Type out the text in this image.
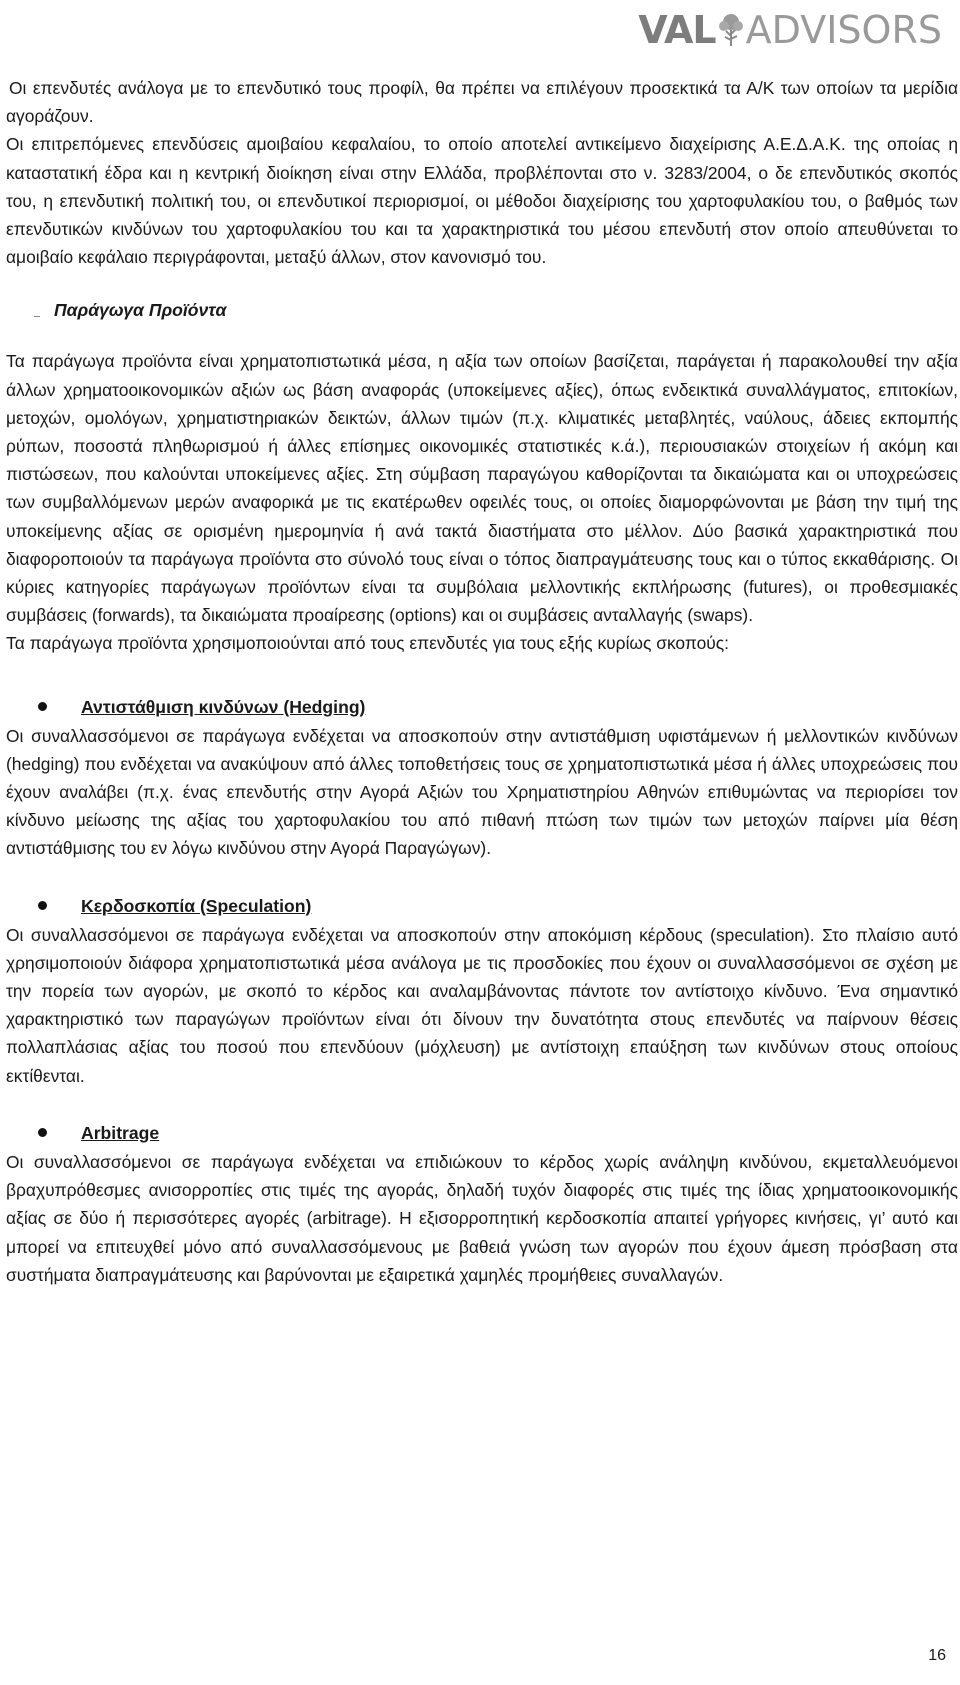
VAL ADVISORS

Οι επενδυτές ανάλογα με το επενδυτικό τους προφίλ, θα πρέπει να επιλέγουν προσεκτικά τα Α/Κ των οποίων τα μερίδια αγοράζουν.

Οι επιτρεπόμενες επενδύσεις αμοιβαίου κεφαλαίου, το οποίο αποτελεί αντικείμενο διαχείρισης Α.Ε.Δ.Α.Κ. της οποίας η καταστατική έδρα και η κεντρική διοίκηση είναι στην Ελλάδα, προβλέπονται στο ν. 3283/2004, ο δε επενδυτικός σκοπός του, η επενδυτική πολιτική του, οι επενδυτικοί περιορισμοί, οι μέθοδοι διαχείρισης του χαρτοφυλακίου του, ο βαθμός των επενδυτικών κινδύνων του χαρτοφυλακίου του και τα χαρακτηριστικά του μέσου επενδυτή στον οποίο απευθύνεται το αμοιβαίο κεφάλαιο περιγράφονται, μεταξύ άλλων, στον κανονισμό του.

Παράγωγα Προϊόντα

Τα παράγωγα προϊόντα είναι χρηματοπιστωτικά μέσα, η αξία των οποίων βασίζεται, παράγεται ή παρακολουθεί την αξία άλλων χρηματοοικονομικών αξιών ως βάση αναφοράς (υποκείμενες αξίες), όπως ενδεικτικά συναλλάγματος, επιτοκίων, μετοχών, ομολόγων, χρηματιστηριακών δεικτών, άλλων τιμών (π.χ. κλιματικές μεταβλητές, ναύλους, άδειες εκπομπής ρύπων, ποσοστά πληθωρισμού ή άλλες επίσημες οικονομικές στατιστικές κ.ά.), περιουσιακών στοιχείων ή ακόμη και πιστώσεων, που καλούνται υποκείμενες αξίες. Στη σύμβαση παραγώγου καθορίζονται τα δικαιώματα και οι υποχρεώσεις των συμβαλλόμενων μερών αναφορικά με τις εκατέρωθεν οφειλές τους, οι οποίες διαμορφώνονται με βάση την τιμή της υποκείμενης αξίας σε ορισμένη ημερομηνία ή ανά τακτά διαστήματα στο μέλλον. Δύο βασικά χαρακτηριστικά που διαφοροποιούν τα παράγωγα προϊόντα στο σύνολό τους είναι ο τόπος διαπραγμάτευσης τους και ο τύπος εκκαθάρισης. Οι κύριες κατηγορίες παράγωγων προϊόντων είναι τα συμβόλαια μελλοντικής εκπλήρωσης (futures), οι προθεσμιακές συμβάσεις (forwards), τα δικαιώματα προαίρεσης (options) και οι συμβάσεις ανταλλαγής (swaps).

Τα παράγωγα προϊόντα χρησιμοποιούνται από τους επενδυτές για τους εξής κυρίως σκοπούς:

Αντιστάθμιση κινδύνων (Hedging)

Οι συναλλασσόμενοι σε παράγωγα ενδέχεται να αποσκοπούν στην αντιστάθμιση υφιστάμενων ή μελλοντικών κινδύνων (hedging) που ενδέχεται να ανακύψουν από άλλες τοποθετήσεις τους σε χρηματοπιστωτικά μέσα ή άλλες υποχρεώσεις που έχουν αναλάβει (π.χ. ένας επενδυτής στην Αγορά Αξιών του Χρηματιστηρίου Αθηνών επιθυμώντας να περιορίσει τον κίνδυνο μείωσης της αξίας του χαρτοφυλακίου του από πιθανή πτώση των τιμών των μετοχών παίρνει μία θέση αντιστάθμισης του εν λόγω κινδύνου στην Αγορά Παραγώγων).

Κερδοσκοπία (Speculation)

Οι συναλλασσόμενοι σε παράγωγα ενδέχεται να αποσκοπούν στην αποκόμιση κέρδους (speculation). Στο πλαίσιο αυτό χρησιμοποιούν διάφορα χρηματοπιστωτικά μέσα ανάλογα με τις προσδοκίες που έχουν οι συναλλασσόμενοι σε σχέση με την πορεία των αγορών, με σκοπό το κέρδος και αναλαμβάνοντας πάντοτε τον αντίστοιχο κίνδυνο. Ένα σημαντικό χαρακτηριστικό των παραγώγων προϊόντων είναι ότι δίνουν την δυνατότητα στους επενδυτές να παίρνουν θέσεις πολλαπλάσιας αξίας του ποσού που επενδύουν (μόχλευση) με αντίστοιχη επαύξηση των κινδύνων στους οποίους εκτίθενται.

Arbitrage

Οι συναλλασσόμενοι σε παράγωγα ενδέχεται να επιδιώκουν το κέρδος χωρίς ανάληψη κινδύνου, εκμεταλλευόμενοι βραχυπρόθεσμες ανισορροπίες στις τιμές της αγοράς, δηλαδή τυχόν διαφορές στις τιμές της ίδιας χρηματοοικονομικής αξίας σε δύο ή περισσότερες αγορές (arbitrage). Η εξισορροπητική κερδοσκοπία απαιτεί γρήγορες κινήσεις, γι’ αυτό και μπορεί να επιτευχθεί μόνο από συναλλασσόμενους με βαθειά γνώση των αγορών που έχουν άμεση πρόσβαση στα συστήματα διαπραγμάτευσης και βαρύνονται με εξαιρετικά χαμηλές προμήθειες συναλλαγών.

16
